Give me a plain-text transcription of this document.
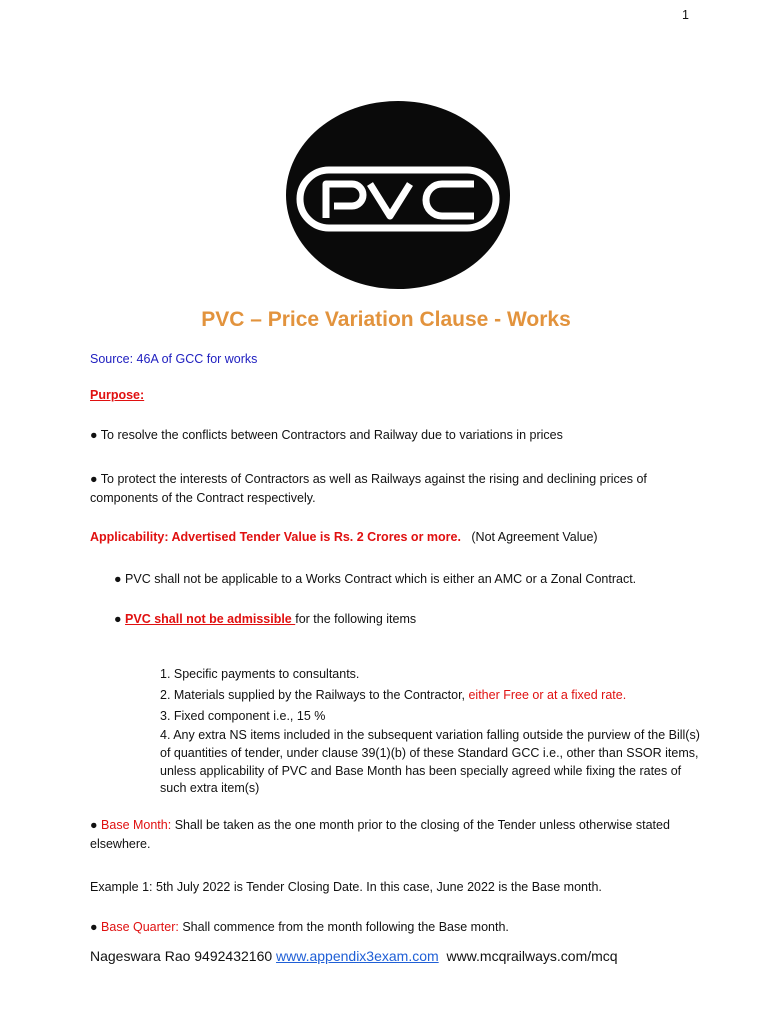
1
PVC – Price Variation Clause - Works
Source: 46A of GCC for works
Purpose:
● To resolve the conflicts between Contractors and Railway due to variations in prices
● To protect the interests of Contractors as well as Railways against the rising and declining prices of components of the Contract respectively.
Applicability: Advertised Tender Value is Rs. 2 Crores or more. (Not Agreement Value)
● PVC shall not be applicable to a Works Contract which is either an AMC or a Zonal Contract.
● PVC shall not be admissible for the following items
1. Specific payments to consultants.
2. Materials supplied by the Railways to the Contractor, either Free or at a fixed rate.
3. Fixed component i.e., 15 %
4. Any extra NS items included in the subsequent variation falling outside the purview of the Bill(s) of quantities of tender, under clause 39(1)(b) of these Standard GCC i.e., other than SSOR items, unless applicability of PVC and Base Month has been specially agreed while fixing the rates of such extra item(s)
● Base Month: Shall be taken as the one month prior to the closing of the Tender unless otherwise stated elsewhere.
Example 1: 5th July 2022 is Tender Closing Date. In this case, June 2022 is the Base month.
● Base Quarter: Shall commence from the month following the Base month.
Nageswara Rao 9492432160 www.appendix3exam.com www.mcqrailways.com/mcq
